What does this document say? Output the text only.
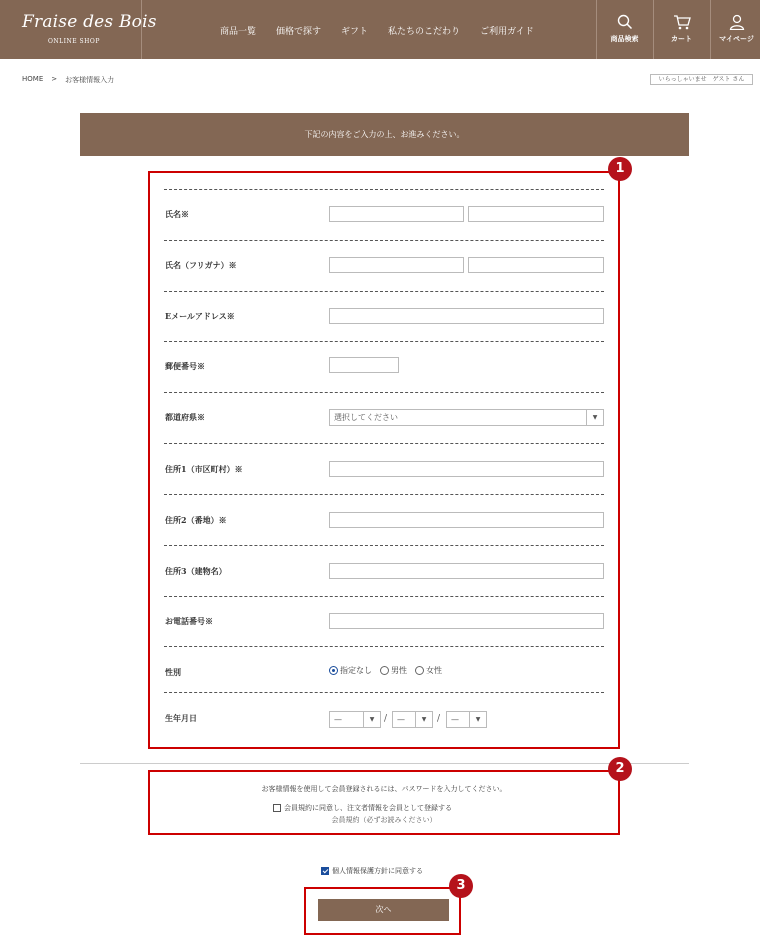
Fraise des Bois
ONLINE SHOP
商品一覧 価格で探す ギフト 私たちのこだわり ご利用ガイド
商品検索	カート	マイページ
HOME > お客様情報入力	いらっしゃいませ　ゲスト さん
下記の内容をご入力の上、お進みください。
1
氏名※
氏名（フリガナ）※
Eメールアドレス※
郵便番号※
都道府県※	選択してください	▼
住所1（市区町村）※
住所2（番地）※
住所3（建物名）
お電話番号※
性別	指定なし 男性 女性
生年月日	—	▼	/	—	▼	/	—	▼
2
お客様情報を使用して会員登録されるには、パスワードを入力してください。
会員規約に同意し、注文者情報を会員として登録する
会員規約（必ずお読みください）
個人情報保護方針に同意する
3
次へ
